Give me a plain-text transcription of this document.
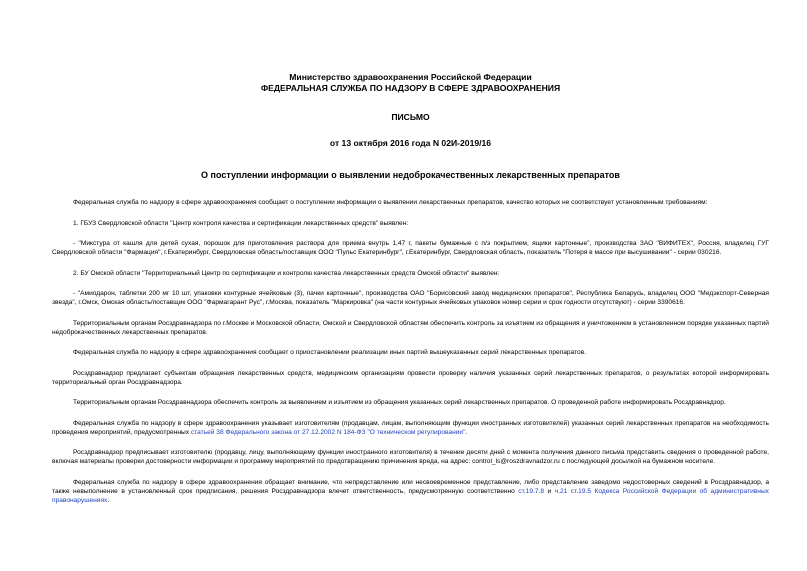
Министерство здравоохранения Российской Федерации
ФЕДЕРАЛЬНАЯ СЛУЖБА ПО НАДЗОРУ В СФЕРЕ ЗДРАВООХРАНЕНИЯ
ПИСЬМО
от 13 октября 2016 года N 02И-2019/16
О поступлении информации о выявлении недоброкачественных лекарственных препаратов

Федеральная служба по надзору в сфере здравоохранения сообщает о поступлении информации о выявлении лекарственных препаратов, качество которых не соответствует установленным требованиям:

1. ГБУЗ Свердловской области "Центр контроля качества и сертификации лекарственных средств" выявлен:

- "Микстура от кашля для детей сухая, порошок для приготовления раствора для приема внутрь 1,47 г, пакеты бумажные с п/э покрытием, ящики картонные", производства ЗАО "ВИФИТЕХ", Россия, владелец ГУГ Свердловской области "Фармация", г.Екатеринбург, Свердловская область/поставщик ООО "Пульс Екатеринбург", г.Екатеринбург, Свердловская область, показатель "Потеря в массе при высушивании" - серии 030216.

2. БУ Омской области "Территориальный Центр по сертификации и контролю качества лекарственных средств Омской области" выявлен:

- "Амиодарон, таблетки 200 мг 10 шт, упаковки контурные ячейковые (3), пачки картонные", производства ОАО "Борисовский завод медицинских препаратов", Республика Беларусь, владелец ООО "Медэкспорт-Северная звезда", г.Омск, Омская область/поставщик ООО "Фармагарант Рус", г.Москва, показатель "Маркировка" (на части контурных ячейковых упаковок номер серии и срок годности отсутствуют) - серии 3390616.

Территориальным органам Росздравнадзора по г.Москве и Московской области, Омской и Свердловской областям обеспечить контроль за изъятием из обращения и уничтожением в установленном порядке указанных партий недоброкачественных лекарственных препаратов.

Федеральная служба по надзору в сфере здравоохранения сообщает о приостановлении реализации иных партий вышеуказанных серий лекарственных препаратов.

Росздравнадзор предлагает субъектам обращения лекарственных средств, медицинским организациям провести проверку наличия указанных серий лекарственных препаратов, о результатах которой информировать территориальный орган Росздравнадзора.

Территориальным органам Росздравнадзора обеспечить контроль за выявлением и изъятием из обращения указанных серий лекарственных препаратов. О проведенной работе информировать Росздравнадзор.

Федеральная служба по надзору в сфере здравоохранения указывает изготовителям (продавцам, лицам, выполняющим функции иностранных изготовителей) указанных серий лекарственных препаратов на необходимость проведения мероприятий, предусмотренных статьей 38 Федерального закона от 27.12.2002 N 184-ФЗ "О техническом регулировании".

Росздравнадзор предписывает изготовителю (продавцу, лицу, выполняющему функции иностранного изготовителя) в течение десяти дней с момента получения данного письма представить сведения о проведенной работе, включая материалы проверки достоверности информации и программу мероприятий по предотвращению причинения вреда, на адрес: control_ls@roszdravnadzor.ru с последующей досылкой на бумажном носителе.

Федеральная служба по надзору в сфере здравоохранения обращает внимание, что непредставление или несвоевременное представление, либо представление заведомо недостоверных сведений в Росздравнадзор, а также невыполнение в установленный срок предписания, решения Росздравнадзора влечет ответственность, предусмотренную соответственно ст.19.7.8 и ч.21 ст.19.5 Кодекса Российской Федерации об административных правонарушениях.
